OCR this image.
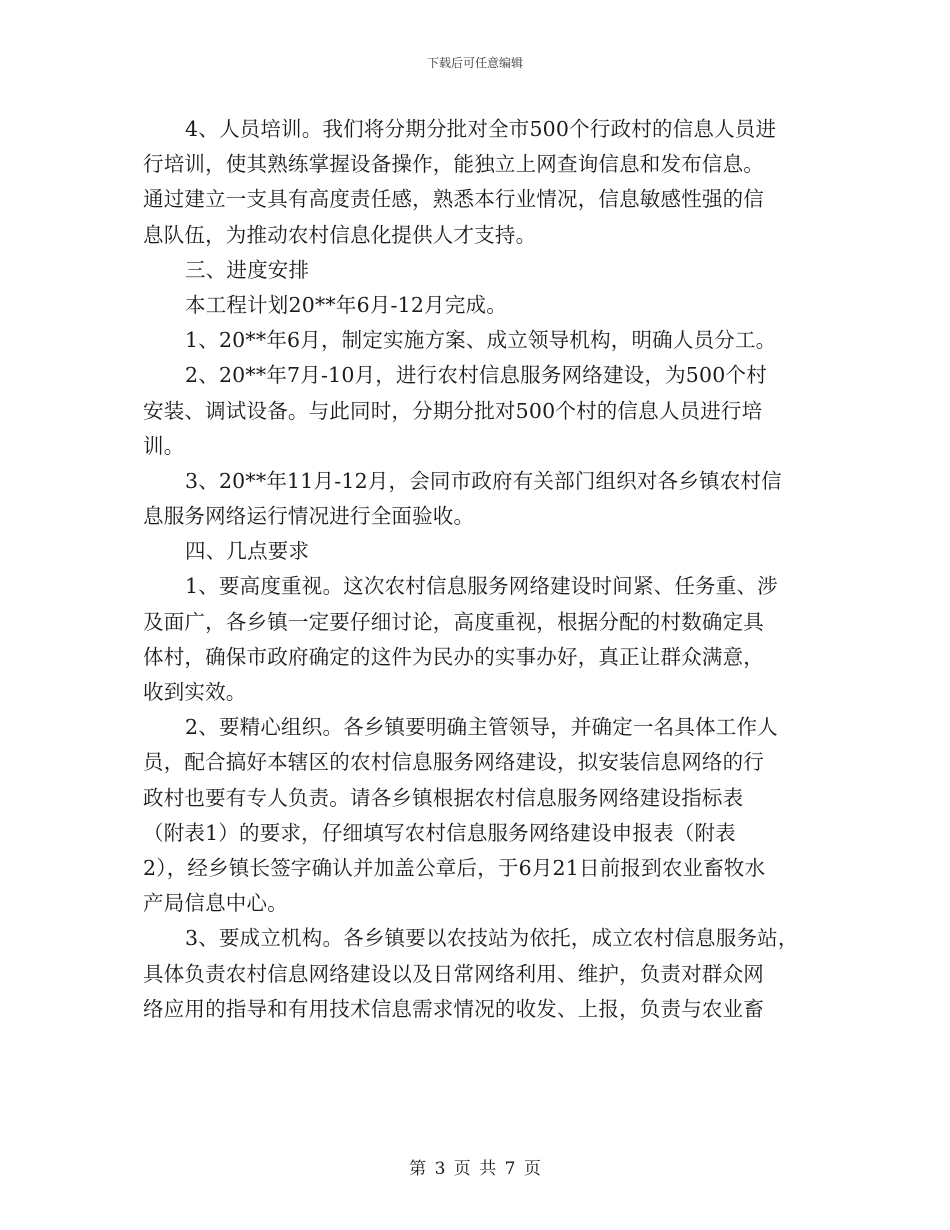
下载后可任意编辑
4、人员培训。我们将分期分批对全市500个行政村的信息人员进
行培训，使其熟练掌握设备操作，能独立上网查询信息和发布信息。
通过建立一支具有高度责任感，熟悉本行业情况，信息敏感性强的信
息队伍，为推动农村信息化提供人才支持。
三、进度安排
本工程计划20**年6月-12月完成。
1、20**年6月，制定实施方案、成立领导机构，明确人员分工。
2、20**年7月-10月，进行农村信息服务网络建设，为500个村
安装、调试设备。与此同时，分期分批对500个村的信息人员进行培
训。
3、20**年11月-12月，会同市政府有关部门组织对各乡镇农村信
息服务网络运行情况进行全面验收。
四、几点要求
1、要高度重视。这次农村信息服务网络建设时间紧、任务重、涉
及面广，各乡镇一定要仔细讨论，高度重视，根据分配的村数确定具
体村，确保市政府确定的这件为民办的实事办好，真正让群众满意，
收到实效。
2、要精心组织。各乡镇要明确主管领导，并确定一名具体工作人
员，配合搞好本辖区的农村信息服务网络建设，拟安装信息网络的行
政村也要有专人负责。请各乡镇根据农村信息服务网络建设指标表
（附表1）的要求，仔细填写农村信息服务网络建设申报表（附表
2），经乡镇长签字确认并加盖公章后，于6月21日前报到农业畜牧水
产局信息中心。
3、要成立机构。各乡镇要以农技站为依托，成立农村信息服务站，
具体负责农村信息网络建设以及日常网络利用、维护，负责对群众网
络应用的指导和有用技术信息需求情况的收发、上报，负责与农业畜
第 3 页 共 7 页
